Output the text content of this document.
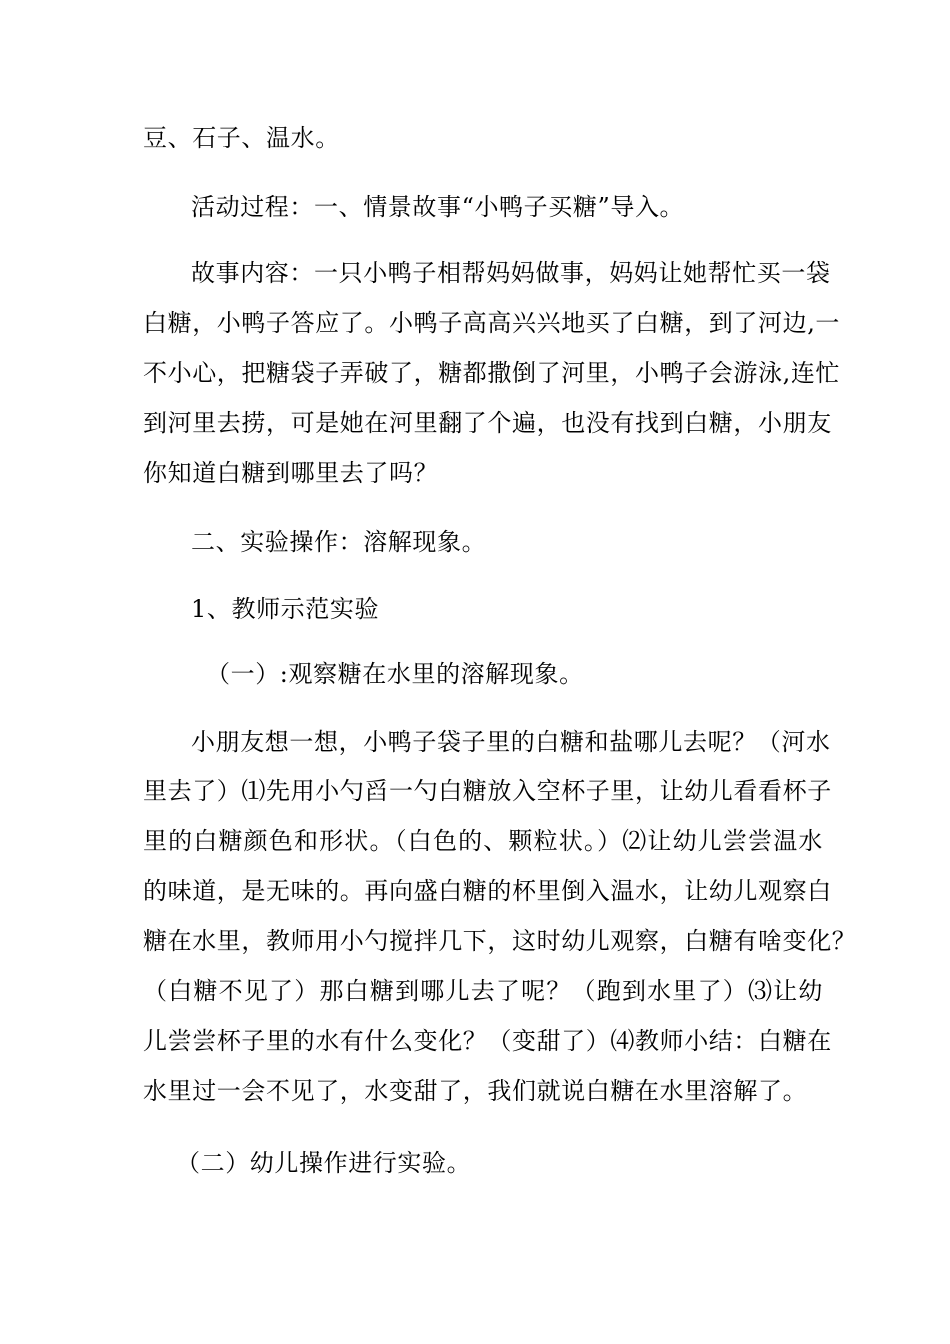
豆、石子、温水。
活动过程：一、情景故事“小鸭子买糖”导入。
故事内容：一只小鸭子相帮妈妈做事，妈妈让她帮忙买一袋
白糖，小鸭子答应了。小鸭子高高兴兴地买了白糖，到了河边,一
不小心，把糖袋子弄破了，糖都撒倒了河里，小鸭子会游泳,连忙
到河里去捞，可是她在河里翻了个遍，也没有找到白糖，小朋友
你知道白糖到哪里去了吗？
二、实验操作：溶解现象。
1、教师示范实验
（一）:观察糖在水里的溶解现象。
小朋友想一想，小鸭子袋子里的白糖和盐哪儿去呢？（河水
里去了）⑴先用小勺舀一勺白糖放入空杯子里，让幼儿看看杯子
里的白糖颜色和形状。（白色的、颗粒状。）⑵让幼儿尝尝温水
的味道，是无味的。再向盛白糖的杯里倒入温水，让幼儿观察白
糖在水里，教师用小勺搅拌几下，这时幼儿观察，白糖有啥变化？
（白糖不见了）那白糖到哪儿去了呢？（跑到水里了）⑶让幼
儿尝尝杯子里的水有什么变化？（变甜了）⑷教师小结：白糖在
水里过一会不见了，水变甜了，我们就说白糖在水里溶解了。
（二）幼儿操作进行实验。
